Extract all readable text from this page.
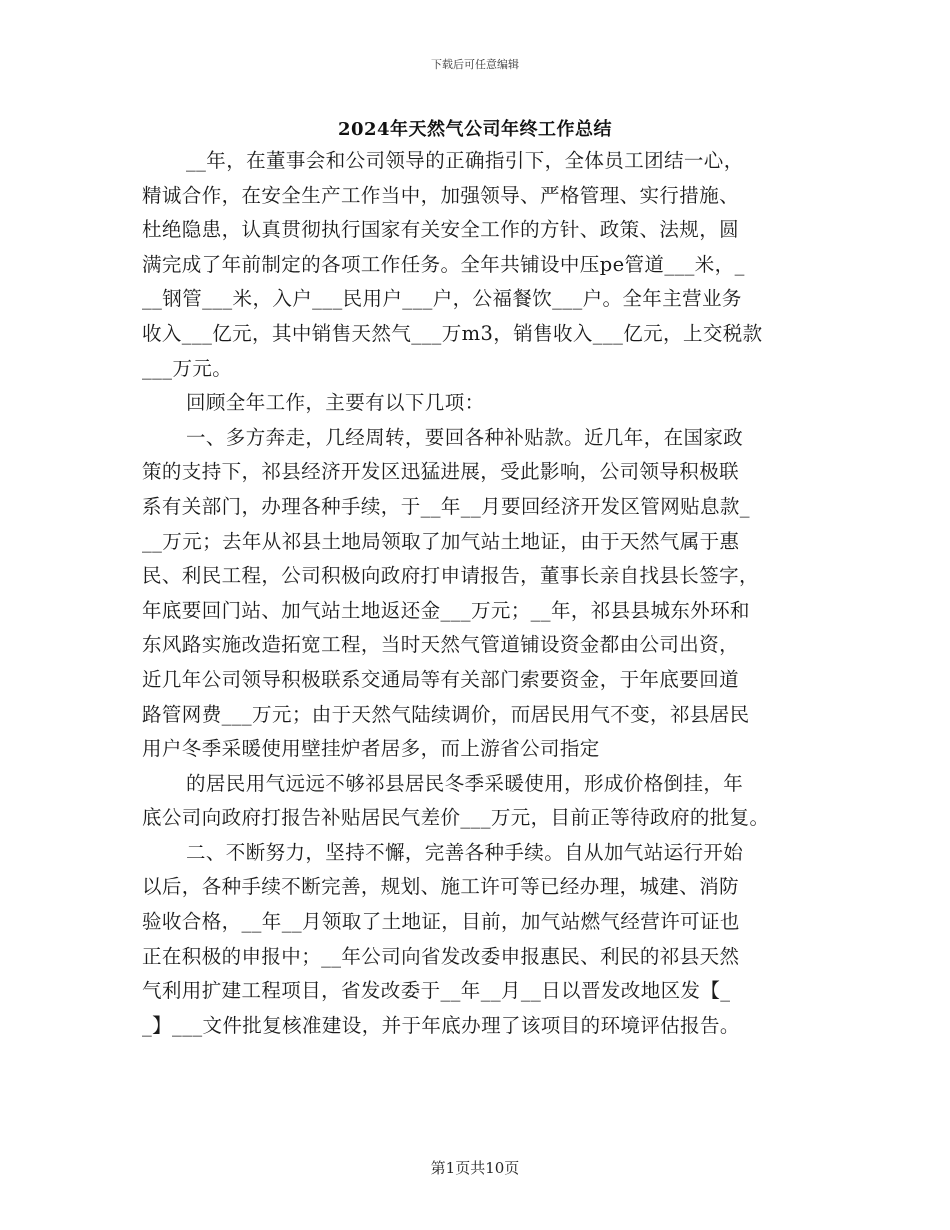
下载后可任意编辑
2024年天然气公司年终工作总结
__年，在董事会和公司领导的正确指引下，全体员工团结一心，
精诚合作，在安全生产工作当中，加强领导、严格管理、实行措施、
杜绝隐患，认真贯彻执行国家有关安全工作的方针、政策、法规，圆
满完成了年前制定的各项工作任务。全年共铺设中压pe管道___米，_
__钢管___米，入户___民用户___户，公福餐饮___户。全年主营业务
收入___亿元，其中销售天然气___万m3，销售收入___亿元，上交税款
___万元。
回顾全年工作，主要有以下几项：
一、多方奔走，几经周转，要回各种补贴款。近几年，在国家政
策的支持下，祁县经济开发区迅猛进展，受此影响，公司领导积极联
系有关部门，办理各种手续，于__年__月要回经济开发区管网贴息款_
__万元；去年从祁县土地局领取了加气站土地证，由于天然气属于惠
民、利民工程，公司积极向政府打申请报告，董事长亲自找县长签字，
年底要回门站、加气站土地返还金___万元；__年，祁县县城东外环和
东风路实施改造拓宽工程，当时天然气管道铺设资金都由公司出资，
近几年公司领导积极联系交通局等有关部门索要资金，于年底要回道
路管网费___万元；由于天然气陆续调价，而居民用气不变，祁县居民
用户冬季采暖使用壁挂炉者居多，而上游省公司指定
的居民用气远远不够祁县居民冬季采暖使用，形成价格倒挂，年
底公司向政府打报告补贴居民气差价___万元，目前正等待政府的批复。
二、不断努力，坚持不懈，完善各种手续。自从加气站运行开始
以后，各种手续不断完善，规划、施工许可等已经办理，城建、消防
验收合格，__年__月领取了土地证，目前，加气站燃气经营许可证也
正在积极的申报中；__年公司向省发改委申报惠民、利民的祁县天然
气利用扩建工程项目，省发改委于__年__月__日以晋发改地区发【_
_】___文件批复核准建设，并于年底办理了该项目的环境评估报告。
第1页共10页
